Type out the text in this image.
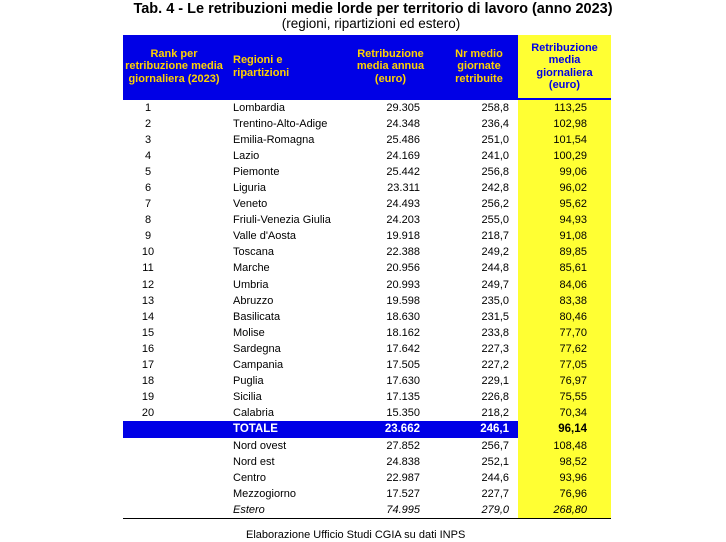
Tab. 4 - Le retribuzioni medie lorde per territorio di lavoro (anno 2023)
(regioni, ripartizioni ed estero)
Rank per retribuzione media giornaliera (2023)	Regioni e ripartizioni	Retribuzione media annua (euro)	Nr medio giornate retribuite	Retribuzione media giornaliera (euro)
1	Lombardia	29.305	258,8	113,25
2	Trentino-Alto-Adige	24.348	236,4	102,98
3	Emilia-Romagna	25.486	251,0	101,54
4	Lazio	24.169	241,0	100,29
5	Piemonte	25.442	256,8	99,06
6	Liguria	23.311	242,8	96,02
7	Veneto	24.493	256,2	95,62
8	Friuli-Venezia Giulia	24.203	255,0	94,93
9	Valle d'Aosta	19.918	218,7	91,08
10	Toscana	22.388	249,2	89,85
11	Marche	20.956	244,8	85,61
12	Umbria	20.993	249,7	84,06
13	Abruzzo	19.598	235,0	83,38
14	Basilicata	18.630	231,5	80,46
15	Molise	18.162	233,8	77,70
16	Sardegna	17.642	227,3	77,62
17	Campania	17.505	227,2	77,05
18	Puglia	17.630	229,1	76,97
19	Sicilia	17.135	226,8	75,55
20	Calabria	15.350	218,2	70,34
	TOTALE	23.662	246,1	96,14
	Nord ovest	27.852	256,7	108,48
	Nord est	24.838	252,1	98,52
	Centro	22.987	244,6	93,96
	Mezzogiorno	17.527	227,7	76,96
	Estero	74.995	279,0	268,80
Elaborazione Ufficio Studi CGIA su dati INPS
